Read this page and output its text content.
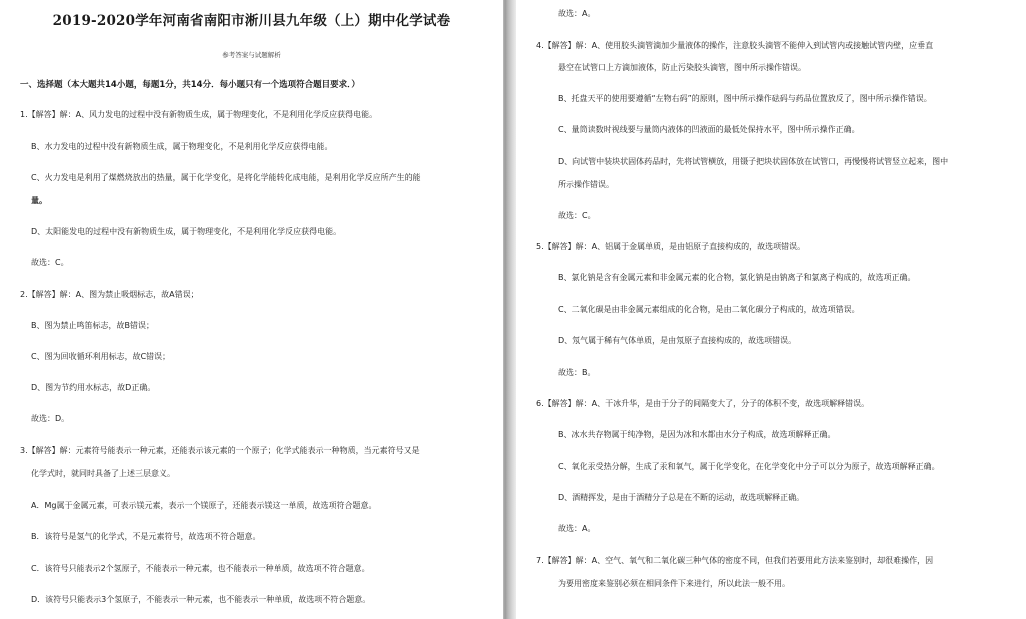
2019-2020学年河南省南阳市淅川县九年级（上）期中化学试卷
参考答案与试题解析
一、选择题（本大题共14小题，每题1分，共14分．每小题只有一个选项符合题目要求．）
1.【解答】解：A、风力发电的过程中没有新物质生成，属于物理变化，不是利用化学反应获得电能。
B、水力发电的过程中没有新物质生成，属于物理变化，不是利用化学反应获得电能。
C、火力发电是利用了煤燃烧放出的热量，属于化学变化，是将化学能转化成电能，是利用化学反应所产生的能
量。
D、太阳能发电的过程中没有新物质生成，属于物理变化，不是利用化学反应获得电能。
故选：C。
2.【解答】解：A、图为禁止吸烟标志，故A错误；
B、图为禁止鸣笛标志，故B错误；
C、图为回收循环利用标志，故C错误；
D、图为节约用水标志，故D正确。
故选：D。
3.【解答】解：元素符号能表示一种元素，还能表示该元素的一个原子；化学式能表示一种物质，当元素符号又是
化学式时，就同时具备了上述三层意义。
A．Mg属于金属元素，可表示镁元素，表示一个镁原子，还能表示镁这一单质，故选项符合题意。
B．该符号是氢气的化学式，不是元素符号，故选项不符合题意。
C．该符号只能表示2个氢原子，不能表示一种元素，也不能表示一种单质，故选项不符合题意。
D．该符号只能表示3个氢原子，不能表示一种元素，也不能表示一种单质，故选项不符合题意。
故选：A。
4.【解答】解：A、使用胶头滴管滴加少量液体的操作，注意胶头滴管不能伸入到试管内或接触试管内壁，应垂直
悬空在试管口上方滴加液体，防止污染胶头滴管，图中所示操作错误。
B、托盘天平的使用要遵循“左物右码”的原则，图中所示操作砝码与药品位置放反了，图中所示操作错误。
C、量筒读数时视线要与量筒内液体的凹液面的最低处保持水平，图中所示操作正确。
D、向试管中装块状固体药品时，先将试管横放，用镊子把块状固体放在试管口，再慢慢将试管竖立起来，图中
所示操作错误。
故选：C。
5.【解答】解：A、铝属于金属单质，是由铝原子直接构成的，故选项错误。
B、氯化钠是含有金属元素和非金属元素的化合物，氯化钠是由钠离子和氯离子构成的，故选项正确。
C、二氧化碳是由非金属元素组成的化合物，是由二氧化碳分子构成的，故选项错误。
D、氖气属于稀有气体单质，是由氖原子直接构成的，故选项错误。
故选：B。
6.【解答】解：A、干冰升华，是由于分子的间隔变大了，分子的体积不变，故选项解释错误。
B、冰水共存物属于纯净物，是因为冰和水都由水分子构成，故选项解释正确。
C、氧化汞受热分解，生成了汞和氧气，属于化学变化，在化学变化中分子可以分为原子，故选项解释正确。
D、酒精挥发，是由于酒精分子总是在不断的运动，故选项解释正确。
故选：A。
7.【解答】解：A、空气、氧气和二氧化碳三种气体的密度不同，但我们若要用此方法来鉴别时，却很难操作，因
为要用密度来鉴别必须在相同条件下来进行，所以此法一般不用。
